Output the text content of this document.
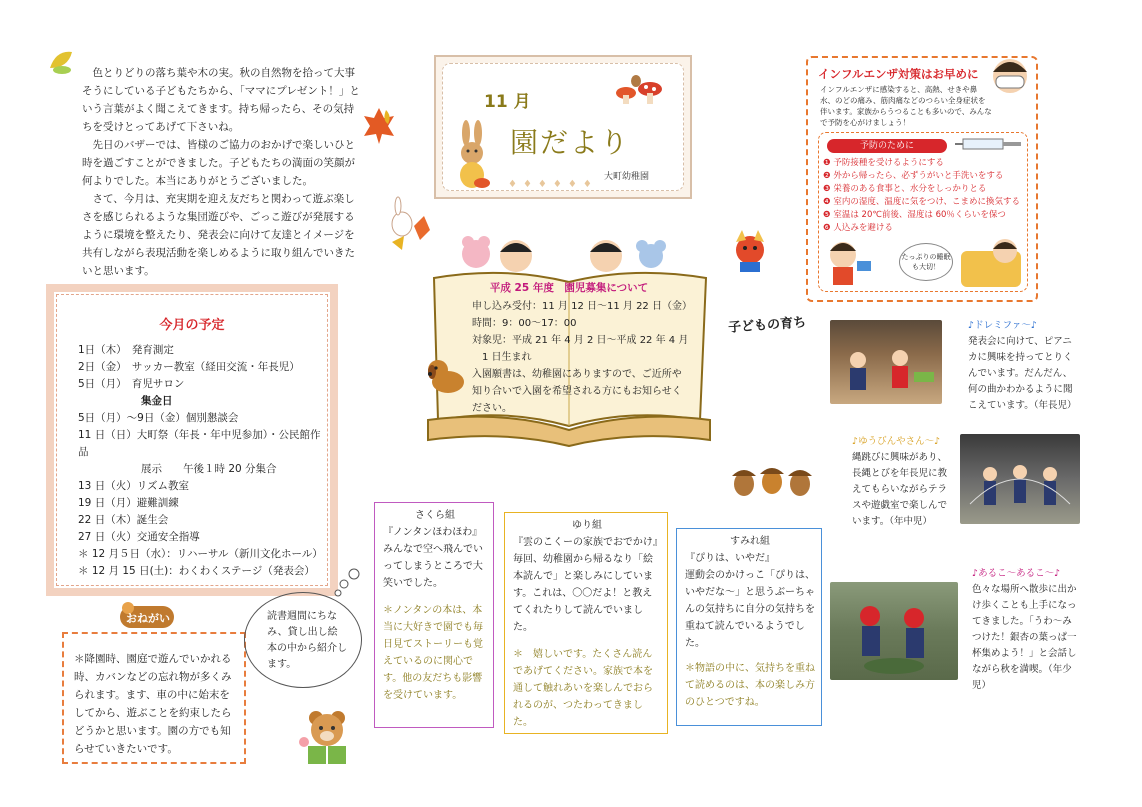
　色とりどりの落ち葉や木の実。秋の自然物を拾って大事そうにしている子どもたちから、「ママにプレゼント！」という言葉がよく聞こえてきます。持ち帰ったら、その気持ちを受けとってあげて下さいね。
　先日のバザーでは、皆様のご協力のおかげで楽しいひと時を過ごすことができました。子どもたちの満面の笑顔が何よりでした。本当にありがとうございました。
　さて、今月は、充実期を迎え友だちと関わって遊ぶ楽しさを感じられるような集団遊びや、ごっこ遊びが発展するように環境を整えたり、発表会に向けて友達とイメージを共有しながら表現活動を楽しめるように取り組んでいきたいと思います。
11 月
園だより
大町幼稚園
♦♦♦♦♦♦
今月の予定
1日（木）　発育測定
2日（金）　サッカー教室（経田交流・年長児）
5日（月）　育児サロン
　　　　　　集金日
5日（月）～9日（金）個別懇談会
11 日（日）大町祭（年長・年中児参加）・公民館作品
　　　　　　展示　　午後１時 20 分集合
13 日（火）リズム教室
19 日（月）避難訓練
22 日（木）誕生会
27 日（火）交通安全指導
＊ 12 月５日（水）：リハーサル（新川文化ホール）
＊ 12 月 15 日(土)：わくわくステージ（発表会）
おねがい
＊降園時、園庭で遊んでいかれる時、カバンなどの忘れ物が多くみられます。ます、車の中に始末をしてから、遊ぶことを約束したらどうかと思います。園の方でも知らせていきたいです。
読書週間にちなみ、貸し出し絵本の中から紹介します。
平成 25 年度　園児募集について
申し込み受付：11 月 12 日～11 月 22 日（金）
時間：9：00～17：00
対象児：平成 21 年 4 月 2 日～平成 22 年 4 月
　1 日生まれ
入園願書は、幼稚園にありますので、ご近所や知り合いで入園を希望される方にもお知らせください。
さくら組
『ノンタンほわほわ』
みんなで空へ飛んでいってしまうところで大笑いでした。
＊ノンタンの本は、本当に大好きで園でも毎日見てストーリーも覚えているのに関心です。他の友だちも影響を受けています。
ゆり組
『雲のこくーの家族でおでかけ』
毎回、幼稚園から帰るなり「絵本読んで」と楽しみにしています。これは、〇〇だよ！と教えてくれたりして読んでいました。
＊　嬉しいです。たくさん読んであげてください。家族で本を通して触れあいを楽しんでおられるのが、つたわってきました。
すみれ組
『ぴりは、いやだ』
運動会のかけっこ「ぴりは、いやだな～」と思うぶーちゃんの気持ちに自分の気持ちを重ねて読んでいるようでした。
＊物語の中に、気持ちを重ねて読めるのは、本の楽しみ方のひとつですね。
子どもの育ち
インフルエンザ対策はお早めに
インフルエンザに感染すると、高熱、せきや鼻水、のどの痛み、筋肉痛などのつらい全身症状を伴います。家族からうつることも多いので、みんなで予防を心がけましょう！
予防のために
❶ 予防接種を受けるようにする
❷ 外から帰ったら、必ずうがいと手洗いをする
❸ 栄養のある食事と、水分をしっかりとる
❹ 室内の湿度、温度に気をつけ、こまめに換気する
❺ 室温は 20℃前後、湿度は 60％くらいを保つ
❻ 人込みを避ける
たっぷりの睡眠も大切！
♪ドレミファ～♪
発表会に向けて、ピアニカに興味を持ってとりくんでいます。だんだん、何の曲かわかるように聞こえています。（年長児）
♪ゆうびんやさん～♪
縄跳びに興味があり、長縄とびを年長児に教えてもらいながらテラスや遊戯室で楽しんでいます。（年中児）
♪あるこ～あるこ～♪
色々な場所へ散歩に出かけ歩くことも上手になってきました。「うわ～みつけた！銀杏の葉っぱ一杯集めよう！」と会話しながら秋を満喫。（年少児）
